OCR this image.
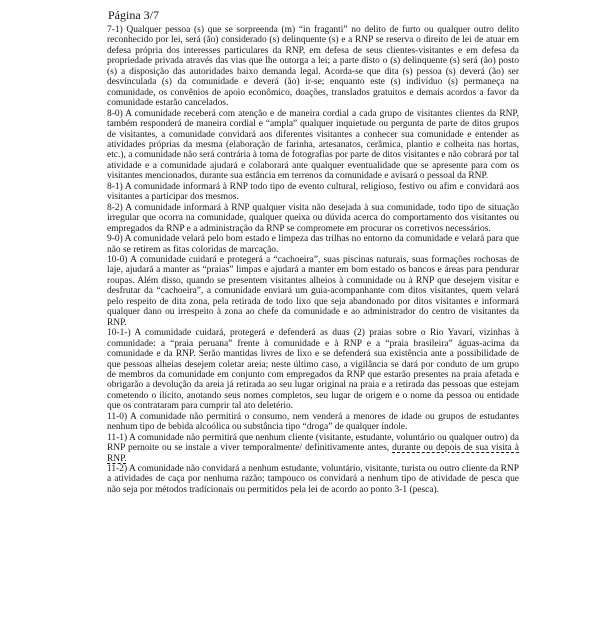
Página 3/7

7-1) Qualquer pessoa (s) que se sorpreenda (m) “in fraganti” no delito de furto ou qualquer outro delito reconhecido por lei, será (ão) considerado (s) delinquente (s) e a RNP se reserva o direito de lei de atuar em defesa própria dos interesses particulares da RNP, em defesa de seus clientes-visitantes e em defesa da propriedade privada através das vias que lhe outorga a lei; a parte disto o (s) delinquente (s) será (ão) posto (s) a disposição das autoridades baixo demanda legal. Acorda-se que dita (s) pessoa (s) deverá (ão) ser desvinculada (s) da comunidade e deverá (ão) ir-se; enquanto este (s) indivíduo (s) permaneça na comunidade, os convênios de apoio econômico, doações, translados gratuitos e demais acordos a favor da comunidade estarão cancelados.

8-0) A comunidade receberá com atenção e de maneira cordial a cada grupo de visitantes clientes da RNP, também responderá de maneira cordial e “ampla” qualquer inquietude ou pergunta de parte de ditos grupos de visitantes, a comunidade convidará aos diferentes visitantes a conhecer sua comunidade e entender as atividades próprias da mesma (elaboração de farinha, artesanatos, cerâmica, plantio e colheita nas hortas, etc.), a comunidade não será contrária à toma de fotografias por parte de ditos visitantes e não cobrará por tal atividade e a comunidade ajudará e colaborará ante qualquer eventualidade que se apresente para com os visitantes mencionados, durante sua estância em terrenos da comunidade e avisará o pessoal da RNP.

8-1) A comunidade informará à RNP todo tipo de evento cultural, religioso, festivo ou afim e convidará aos visitantes a participar dos mesmos.

8-2) A comunidade informará à RNP qualquer visita não desejada à sua comunidade, todo tipo de situação irregular que ocorra na comunidade, qualquer queixa ou dúvida acerca do comportamento dos visitantes ou empregados da RNP e a administração da RNP se compromete em procurar os corretivos necessários.

9-0) A comunidade velará pelo bom estado e limpeza das trilhas no entorno da comunidade e velará para que não se retirem as fitas coloridas de marcação.

10-0) A comunidade cuidará e protegerá a “cachoeira”, suas piscinas naturais, suas formações rochosas de laje, ajudará a manter as “praias” limpas e ajudará a manter em bom estado os bancos e áreas para pendurar roupas. Além disso, quando se presentem visitantes alheios à comunidade ou à RNP que desejem visitar e desfrutar da “cachoeira”, a comunidade enviará um guia-acompanhante com ditos visitantes, quem velará pelo respeito de dita zona, pela retirada de todo lixo que seja abandonado por ditos visitantes e informará qualquer dano ou irrespeito à zona ao chefe da comunidade e ao administrador do centro de visitantes da RNP.

10-1-) A comunidade cuidará, protegerá e defenderá as duas (2) praias sobre o Rio Yavarí, vizinhas à comunidade: a “praia peruana” frente à comunidade e à RNP e a “praia brasileira” águas-acima da comunidade e da RNP. Serão mantidas livres de lixo e se defenderá sua existência ante a possibilidade de que pessoas alheias desejem coletar areia; neste último caso, a vigilância se dará por conduto de um grupo de membros da comunidade em conjunto com empregados da RNP que estarão presentes na praia afetada e obrigarão a devolução da areia já retirada ao seu lugar original na praia e a retirada das pessoas que estejam cometendo o ilícito, anotando seus nomes completos, seu lugar de origem e o nome da pessoa ou entidade que os contrataram para cumprir tal ato deletério.

11-0) A comunidade não permitirá o consumo, nem venderá a menores de idade ou grupos de estudantes nenhum tipo de bebida alcoólica ou substância tipo “droga” de qualquer índole.

11-1) A comunidade não permitirá que nenhum cliente (visitante, estudante, voluntário ou qualquer outro) da RNP pernoite ou se instale a viver temporalmente/ definitivamente antes, durante ou depois de sua visita à RNP.

11-2) A comunidade não convidará a nenhum estudante, voluntário, visitante, turista ou outro cliente da RNP a atividades de caça por nenhuma razão; tampouco os convidará a nenhum tipo de atividade de pesca que não seja por métodos tradicionais ou permitidos pela lei de acordo ao ponto 3-1 (pesca).
